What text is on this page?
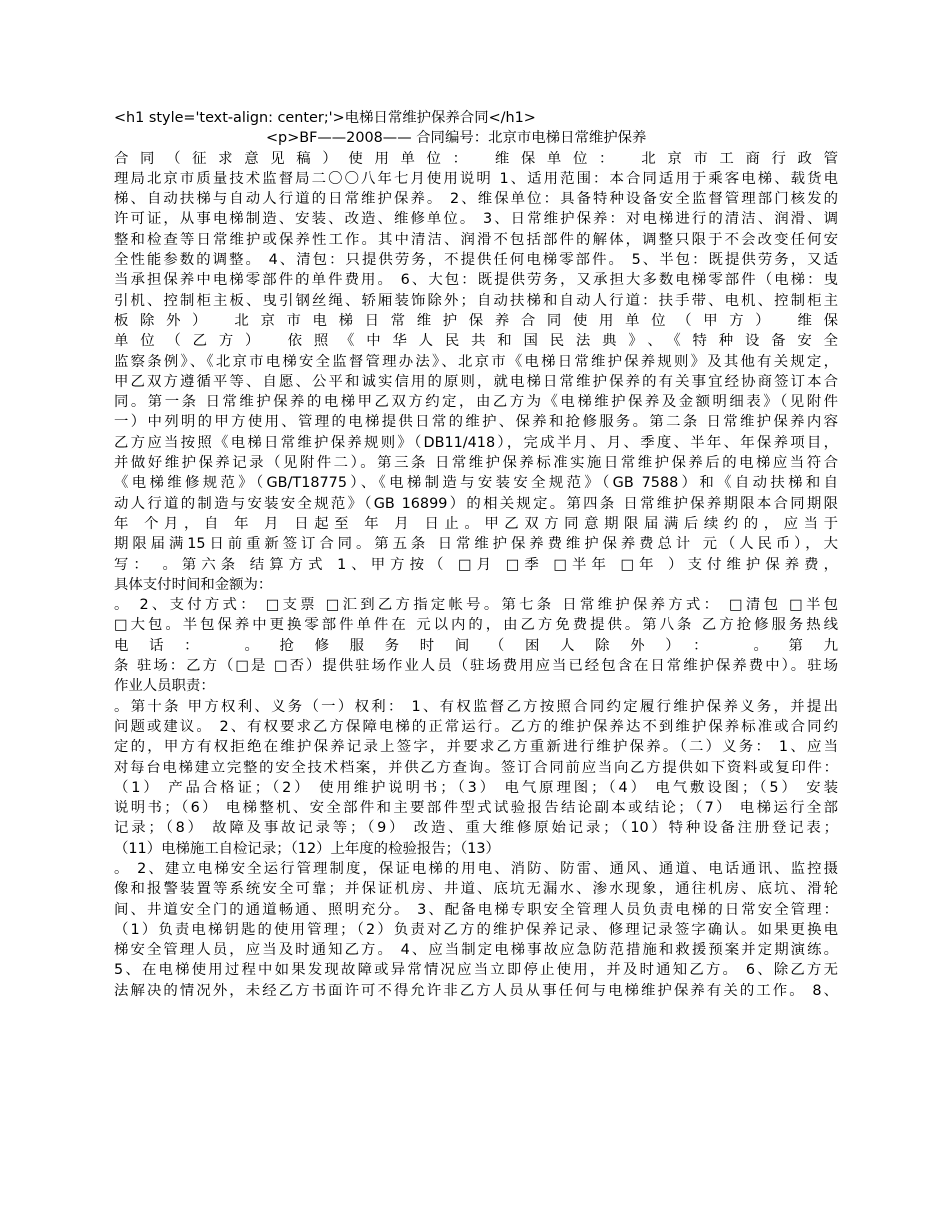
<h1 style='text-align: center;'>电梯日常维护保养合同</h1>
<p>BF——2008—— 合同编号：北京市电梯日常维护保养
合同（征求意见稿）使用单位： 维保单位： 北京市工商行政管
理局北京市质量技术监督局二〇〇八年七月使用说明 1、适用范围：本合同适用于乘客电梯、载货电
梯、自动扶梯与自动人行道的日常维护保养。 2、维保单位：具备特种设备安全监督管理部门核发的
许可证，从事电梯制造、安装、改造、维修单位。 3、日常维护保养：对电梯进行的清洁、润滑、调
整和检查等日常维护或保养性工作。其中清洁、润滑不包括部件的解体，调整只限于不会改变任何安
全性能参数的调整。 4、清包：只提供劳务，不提供任何电梯零部件。 5、半包：既提供劳务，又适
当承担保养中电梯零部件的单件费用。 6、大包：既提供劳务，又承担大多数电梯零部件（电梯：曳
引机、控制柜主板、曳引钢丝绳、轿厢装饰除外；自动扶梯和自动人行道：扶手带、电机、控制柜主
板除外） 北京市电梯日常维护保养合同使用单位（甲方） 维保
单位（乙方） 依照《中华人民共和国民法典》、《特种设备安全
监察条例》、《北京市电梯安全监督管理办法》、北京市《电梯日常维护保养规则》及其他有关规定，
甲乙双方遵循平等、自愿、公平和诚实信用的原则，就电梯日常维护保养的有关事宜经协商签订本合
同。第一条 日常维护保养的电梯甲乙双方约定，由乙方为《电梯维护保养及金额明细表》（见附件
一）中列明的甲方使用、管理的电梯提供日常的维护、保养和抢修服务。第二条 日常维护保养内容
乙方应当按照《电梯日常维护保养规则》（DB11/418），完成半月、月、季度、半年、年保养项目，
并做好维护保养记录（见附件二）。第三条 日常维护保养标准实施日常维护保养后的电梯应当符合
《电梯维修规范》（GB/T18775）、《电梯制造与安装安全规范》（GB 7588）和《自动扶梯和自
动人行道的制造与安装安全规范》（GB 16899）的相关规定。第四条 日常维护保养期限本合同期限
年 个月，自 年 月 日起至 年 月 日止。甲乙双方同意期限届满后续约的，应当于
期限届满15日前重新签订合同。第五条 日常维护保养费维护保养费总计 元（人民币），大
写： 。第六条 结算方式 1、甲方按（ □月 □季 □半年 □年 ）支付维护保养费，
具体支付时间和金额为：
。 2、支付方式： □支票 □汇到乙方指定帐号。第七条 日常维护保养方式： □清包 □半包
□大包。半包保养中更换零部件单件在 元以内的，由乙方免费提供。第八条 乙方抢修服务热线
电话： 。抢修服务时间（困人除外）： 。第九
条 驻场：乙方（□是 □否）提供驻场作业人员（驻场费用应当已经包含在日常维护保养费中）。驻场
作业人员职责：
。第十条 甲方权利、义务（一）权利： 1、有权监督乙方按照合同约定履行维护保养义务，并提出
问题或建议。 2、有权要求乙方保障电梯的正常运行。乙方的维护保养达不到维护保养标准或合同约
定的，甲方有权拒绝在维护保养记录上签字，并要求乙方重新进行维护保养。（二）义务： 1、应当
对每台电梯建立完整的安全技术档案，并供乙方查询。签订合同前应当向乙方提供如下资料或复印件：
（1） 产品合格证；（2） 使用维护说明书；（3） 电气原理图；（4） 电气敷设图；（5） 安装
说明书；（6） 电梯整机、安全部件和主要部件型式试验报告结论副本或结论；（7） 电梯运行全部
记录；（8） 故障及事故记录等；（9） 改造、重大维修原始记录；（10）特种设备注册登记表；
（11）电梯施工自检记录；（12）上年度的检验报告；（13）
。 2、建立电梯安全运行管理制度，保证电梯的用电、消防、防雷、通风、通道、电话通讯、监控摄
像和报警装置等系统安全可靠；并保证机房、井道、底坑无漏水、渗水现象，通往机房、底坑、滑轮
间、井道安全门的通道畅通、照明充分。 3、配备电梯专职安全管理人员负责电梯的日常安全管理：
（1）负责电梯钥匙的使用管理；（2）负责对乙方的维护保养记录、修理记录签字确认。如果更换电
梯安全管理人员，应当及时通知乙方。 4、应当制定电梯事故应急防范措施和救援预案并定期演练。
5、在电梯使用过程中如果发现故障或异常情况应当立即停止使用，并及时通知乙方。 6、除乙方无
法解决的情况外，未经乙方书面许可不得允许非乙方人员从事任何与电梯维护保养有关的工作。 8、
